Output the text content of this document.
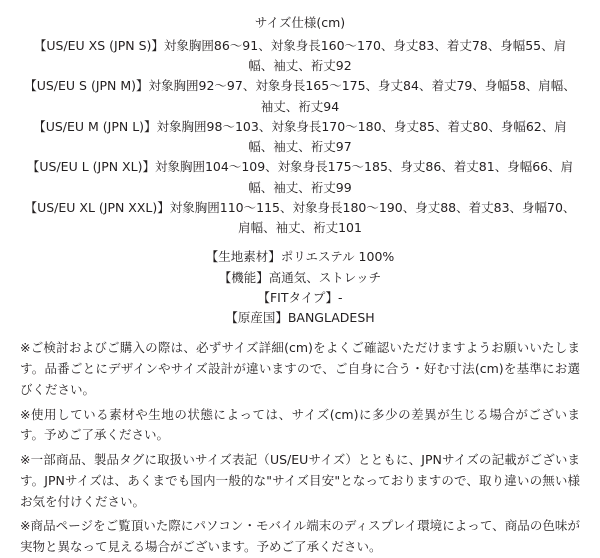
サイズ仕様(cm)
【US/EU XS (JPN S)】対象胸囲86〜91、対象身長160〜170、身丈83、着丈78、身幅55、肩幅、袖丈、裄丈92
【US/EU S (JPN M)】対象胸囲92〜97、対象身長165〜175、身丈84、着丈79、身幅58、肩幅、袖丈、裄丈94
【US/EU M (JPN L)】対象胸囲98〜103、対象身長170〜180、身丈85、着丈80、身幅62、肩幅、袖丈、裄丈97
【US/EU L (JPN XL)】対象胸囲104〜109、対象身長175〜185、身丈86、着丈81、身幅66、肩幅、袖丈、裄丈99
【US/EU XL (JPN XXL)】対象胸囲110〜115、対象身長180〜190、身丈88、着丈83、身幅70、肩幅、袖丈、裄丈101
【生地素材】ポリエステル 100%
【機能】高通気、ストレッチ
【FITタイプ】-
【原産国】BANGLADESH

※ご検討およびご購入の際は、必ずサイズ詳細(cm)をよくご確認いただけますようお願いいたします。品番ごとにデザインやサイズ設計が違いますので、ご自身に合う・好む寸法(cm)を基準にお選びください。

※使用している素材や生地の状態によっては、サイズ(cm)に多少の差異が生じる場合がございます。予めご了承ください。

※一部商品、製品タグに取扱いサイズ表記（US/EUサイズ）とともに、JPNサイズの記載がございます。JPNサイズは、あくまでも国内一般的な"サイズ目安"となっておりますので、取り違いの無い様お気を付けください。

※商品ページをご覧頂いた際にパソコン・モバイル端末のディスプレイ環境によって、商品の色味が実物と異なって見える場合がございます。予めご了承ください。
